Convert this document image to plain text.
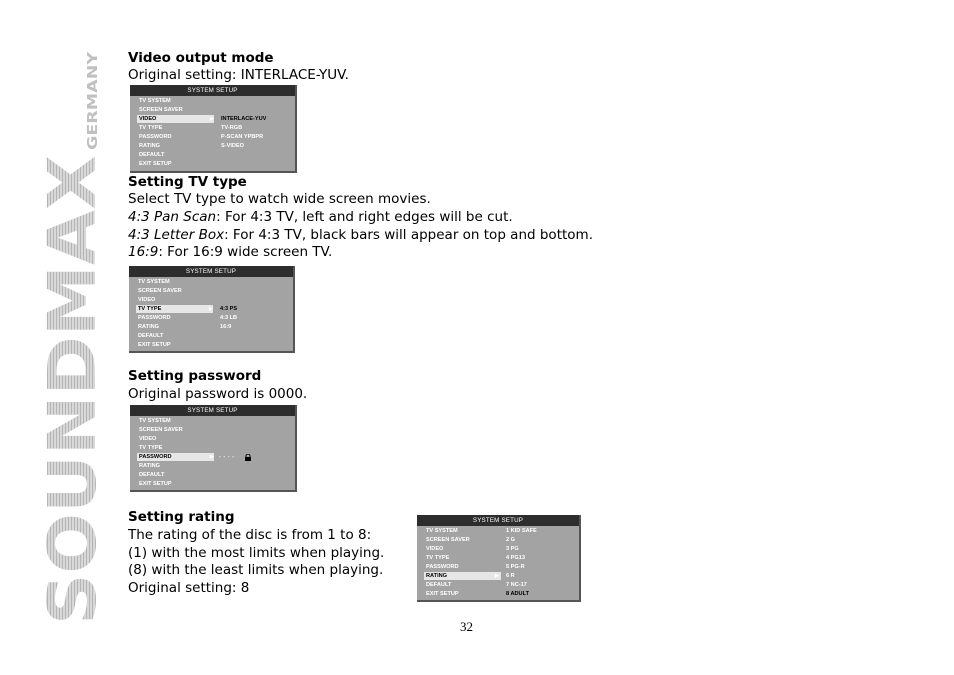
SOUNDMAX
GERMANY
Video output mode
Original setting: INTERLACE-YUV.
SYSTEM SETUP
TV SYSTEM
SCREEN SAVER
VIDEO
TV TYPE
PASSWORD
RATING
DEFAULT
EXIT SETUP
▶ INTERLACE-YUV
TV-RGB
P-SCAN YPBPR
S-VIDEO
Setting TV type
Select TV type to watch wide screen movies.
4:3 Pan Scan: For 4:3 TV, left and right edges will be cut.
4:3 Letter Box: For 4:3 TV, black bars will appear on top and bottom.
16:9: For 16:9 wide screen TV.
SYSTEM SETUP
TV SYSTEM
SCREEN SAVER
VIDEO
TV TYPE
PASSWORD
RATING
DEFAULT
EXIT SETUP
▶ 4:3 PS
4:3 LB
16:9
Setting password
Original password is 0000.
SYSTEM SETUP
TV SYSTEM
SCREEN SAVER
VIDEO
TV TYPE
PASSWORD
RATING
DEFAULT
EXIT SETUP
▶ - - - -
Setting rating
The rating of the disc is from 1 to 8:
(1) with the most limits when playing.
(8) with the least limits when playing.
Original setting: 8
SYSTEM SETUP
TV SYSTEM
SCREEN SAVER
VIDEO
TV TYPE
PASSWORD
RATING
DEFAULT
EXIT SETUP
▶
1 KID SAFE
2 G
3 PG
4 PG13
5 PG-R
6 R
7 NC-17
8 ADULT
32
